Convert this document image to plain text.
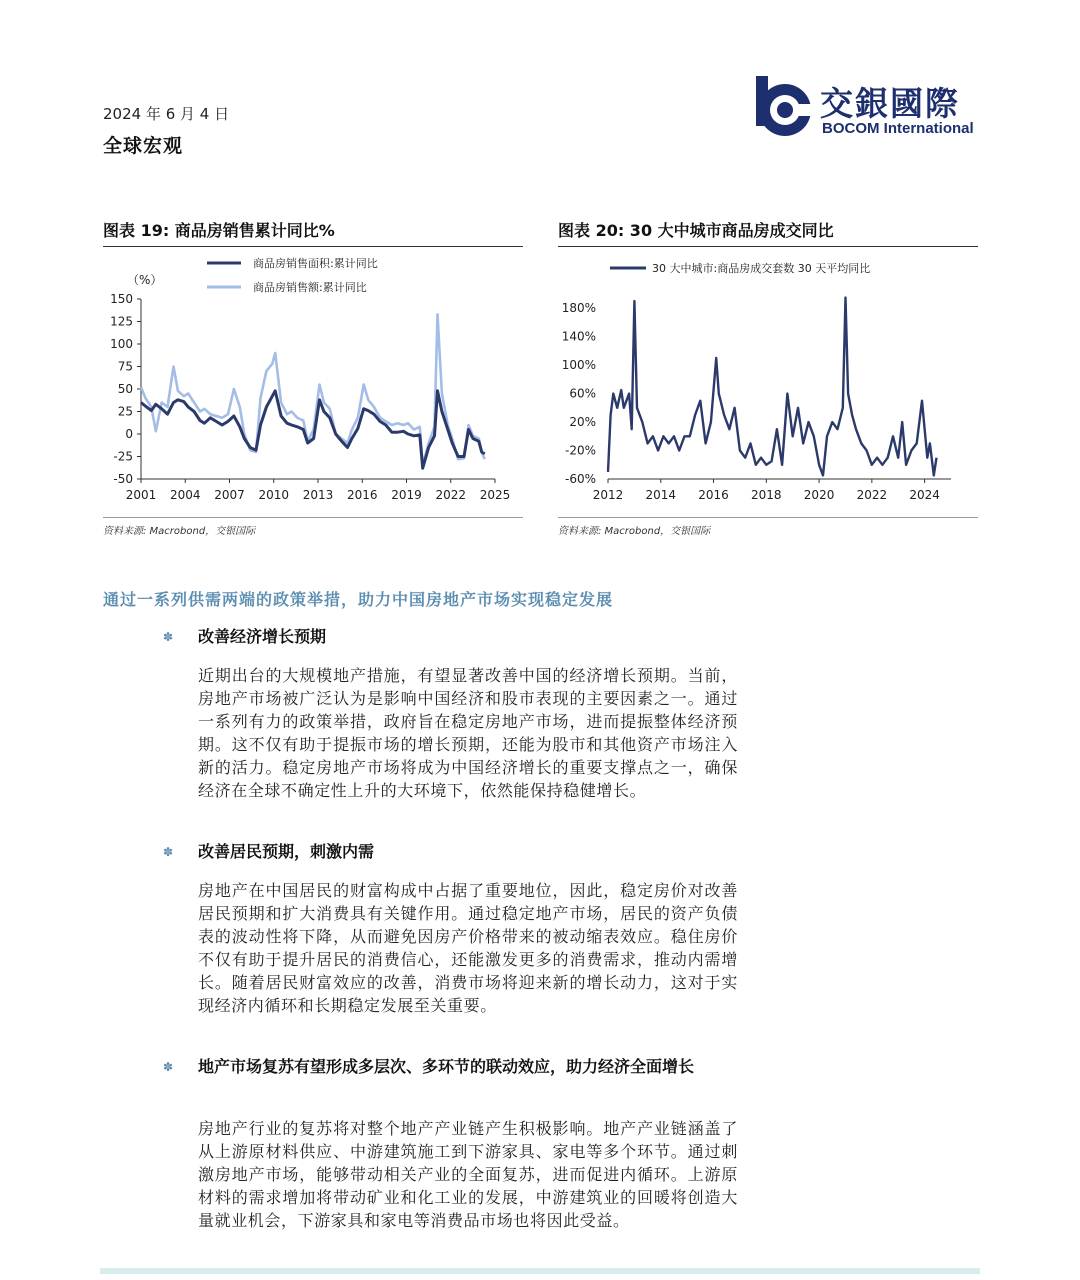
2024 年 6 月 4 日
全球宏观
交銀國際
BOCOM International
图表 19: 商品房销售累计同比%
商品房销售面积:累计同比
商品房销售额:累计同比
（%）
150
125
100
75
50
25
0
-25
-50
2001 2004 2007 2010 2013 2016 2019 2022 2025
资料来源: Macrobond，交银国际
图表 20: 30 大中城市商品房成交同比
30 大中城市:商品房成交套数 30 天平均同比
180%
140%
100%
60%
20%
-20%
-60%
2012 2014 2016 2018 2020 2022 2024
资料来源: Macrobond，交银国际
通过一系列供需两端的政策举措，助力中国房地产市场实现稳定发展
✽ 改善经济增长预期
近期出台的大规模地产措施，有望显著改善中国的经济增长预期。当前，房地产市场被广泛认为是影响中国经济和股市表现的主要因素之一。通过一系列有力的政策举措，政府旨在稳定房地产市场，进而提振整体经济预期。这不仅有助于提振市场的增长预期，还能为股市和其他资产市场注入新的活力。稳定房地产市场将成为中国经济增长的重要支撑点之一，确保经济在全球不确定性上升的大环境下，依然能保持稳健增长。
✽ 改善居民预期，刺激内需
房地产在中国居民的财富构成中占据了重要地位，因此，稳定房价对改善居民预期和扩大消费具有关键作用。通过稳定地产市场，居民的资产负债表的波动性将下降，从而避免因房产价格带来的被动缩表效应。稳住房价不仅有助于提升居民的消费信心，还能激发更多的消费需求，推动内需增长。随着居民财富效应的改善，消费市场将迎来新的增长动力，这对于实现经济内循环和长期稳定发展至关重要。
✽ 地产市场复苏有望形成多层次、多环节的联动效应，助力经济全面增长
房地产行业的复苏将对整个地产产业链产生积极影响。地产产业链涵盖了从上游原材料供应、中游建筑施工到下游家具、家电等多个环节。通过刺激房地产市场，能够带动相关产业的全面复苏，进而促进内循环。上游原材料的需求增加将带动矿业和化工业的发展，中游建筑业的回暖将创造大量就业机会，下游家具和家电等消费品市场也将因此受益。
